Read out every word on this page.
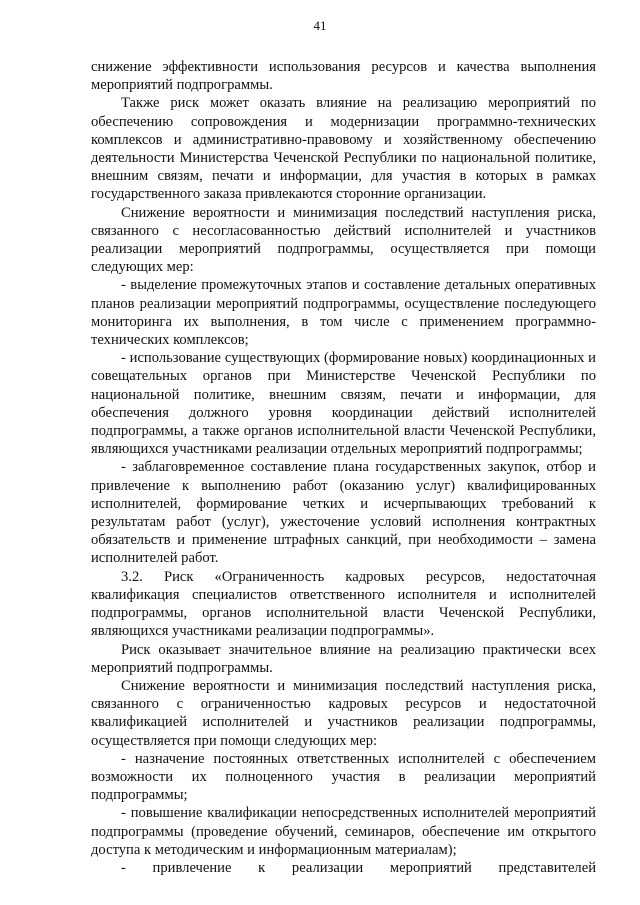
41

снижение эффективности использования ресурсов и качества выполнения мероприятий подпрограммы.

Также риск может оказать влияние на реализацию мероприятий по обеспечению сопровождения и модернизации программно-технических комплексов и административно-правовому и хозяйственному обеспечению деятельности Министерства Чеченской Республики по национальной политике, внешним связям, печати и информации, для участия в которых в рамках государственного заказа привлекаются сторонние организации.

Снижение вероятности и минимизация последствий наступления риска, связанного с несогласованностью действий исполнителей и участников реализации мероприятий подпрограммы, осуществляется при помощи следующих мер:

- выделение промежуточных этапов и составление детальных оперативных планов реализации мероприятий подпрограммы, осуществление последующего мониторинга их выполнения, в том числе с применением программно-технических комплексов;

- использование существующих (формирование новых) координационных и совещательных органов при Министерстве Чеченской Республики по национальной политике, внешним связям, печати и информации, для обеспечения должного уровня координации действий исполнителей подпрограммы, а также органов исполнительной власти Чеченской Республики, являющихся участниками реализации отдельных мероприятий подпрограммы;

- заблаговременное составление плана государственных закупок, отбор и привлечение к выполнению работ (оказанию услуг) квалифицированных исполнителей, формирование четких и исчерпывающих требований к результатам работ (услуг), ужесточение условий исполнения контрактных обязательств и применение штрафных санкций, при необходимости – замена исполнителей работ.

3.2. Риск «Ограниченность кадровых ресурсов, недостаточная квалификация специалистов ответственного исполнителя и исполнителей подпрограммы, органов исполнительной власти Чеченской Республики, являющихся участниками реализации подпрограммы».

Риск оказывает значительное влияние на реализацию практически всех мероприятий подпрограммы.

Снижение вероятности и минимизация последствий наступления риска, связанного с ограниченностью кадровых ресурсов и недостаточной квалификацией исполнителей и участников реализации подпрограммы, осуществляется при помощи следующих мер:

- назначение постоянных ответственных исполнителей с обеспечением возможности их полноценного участия в реализации мероприятий подпрограммы;

- повышение квалификации непосредственных исполнителей мероприятий подпрограммы (проведение обучений, семинаров, обеспечение им открытого доступа к методическим и информационным материалам);

- привлечение к реализации мероприятий представителей
